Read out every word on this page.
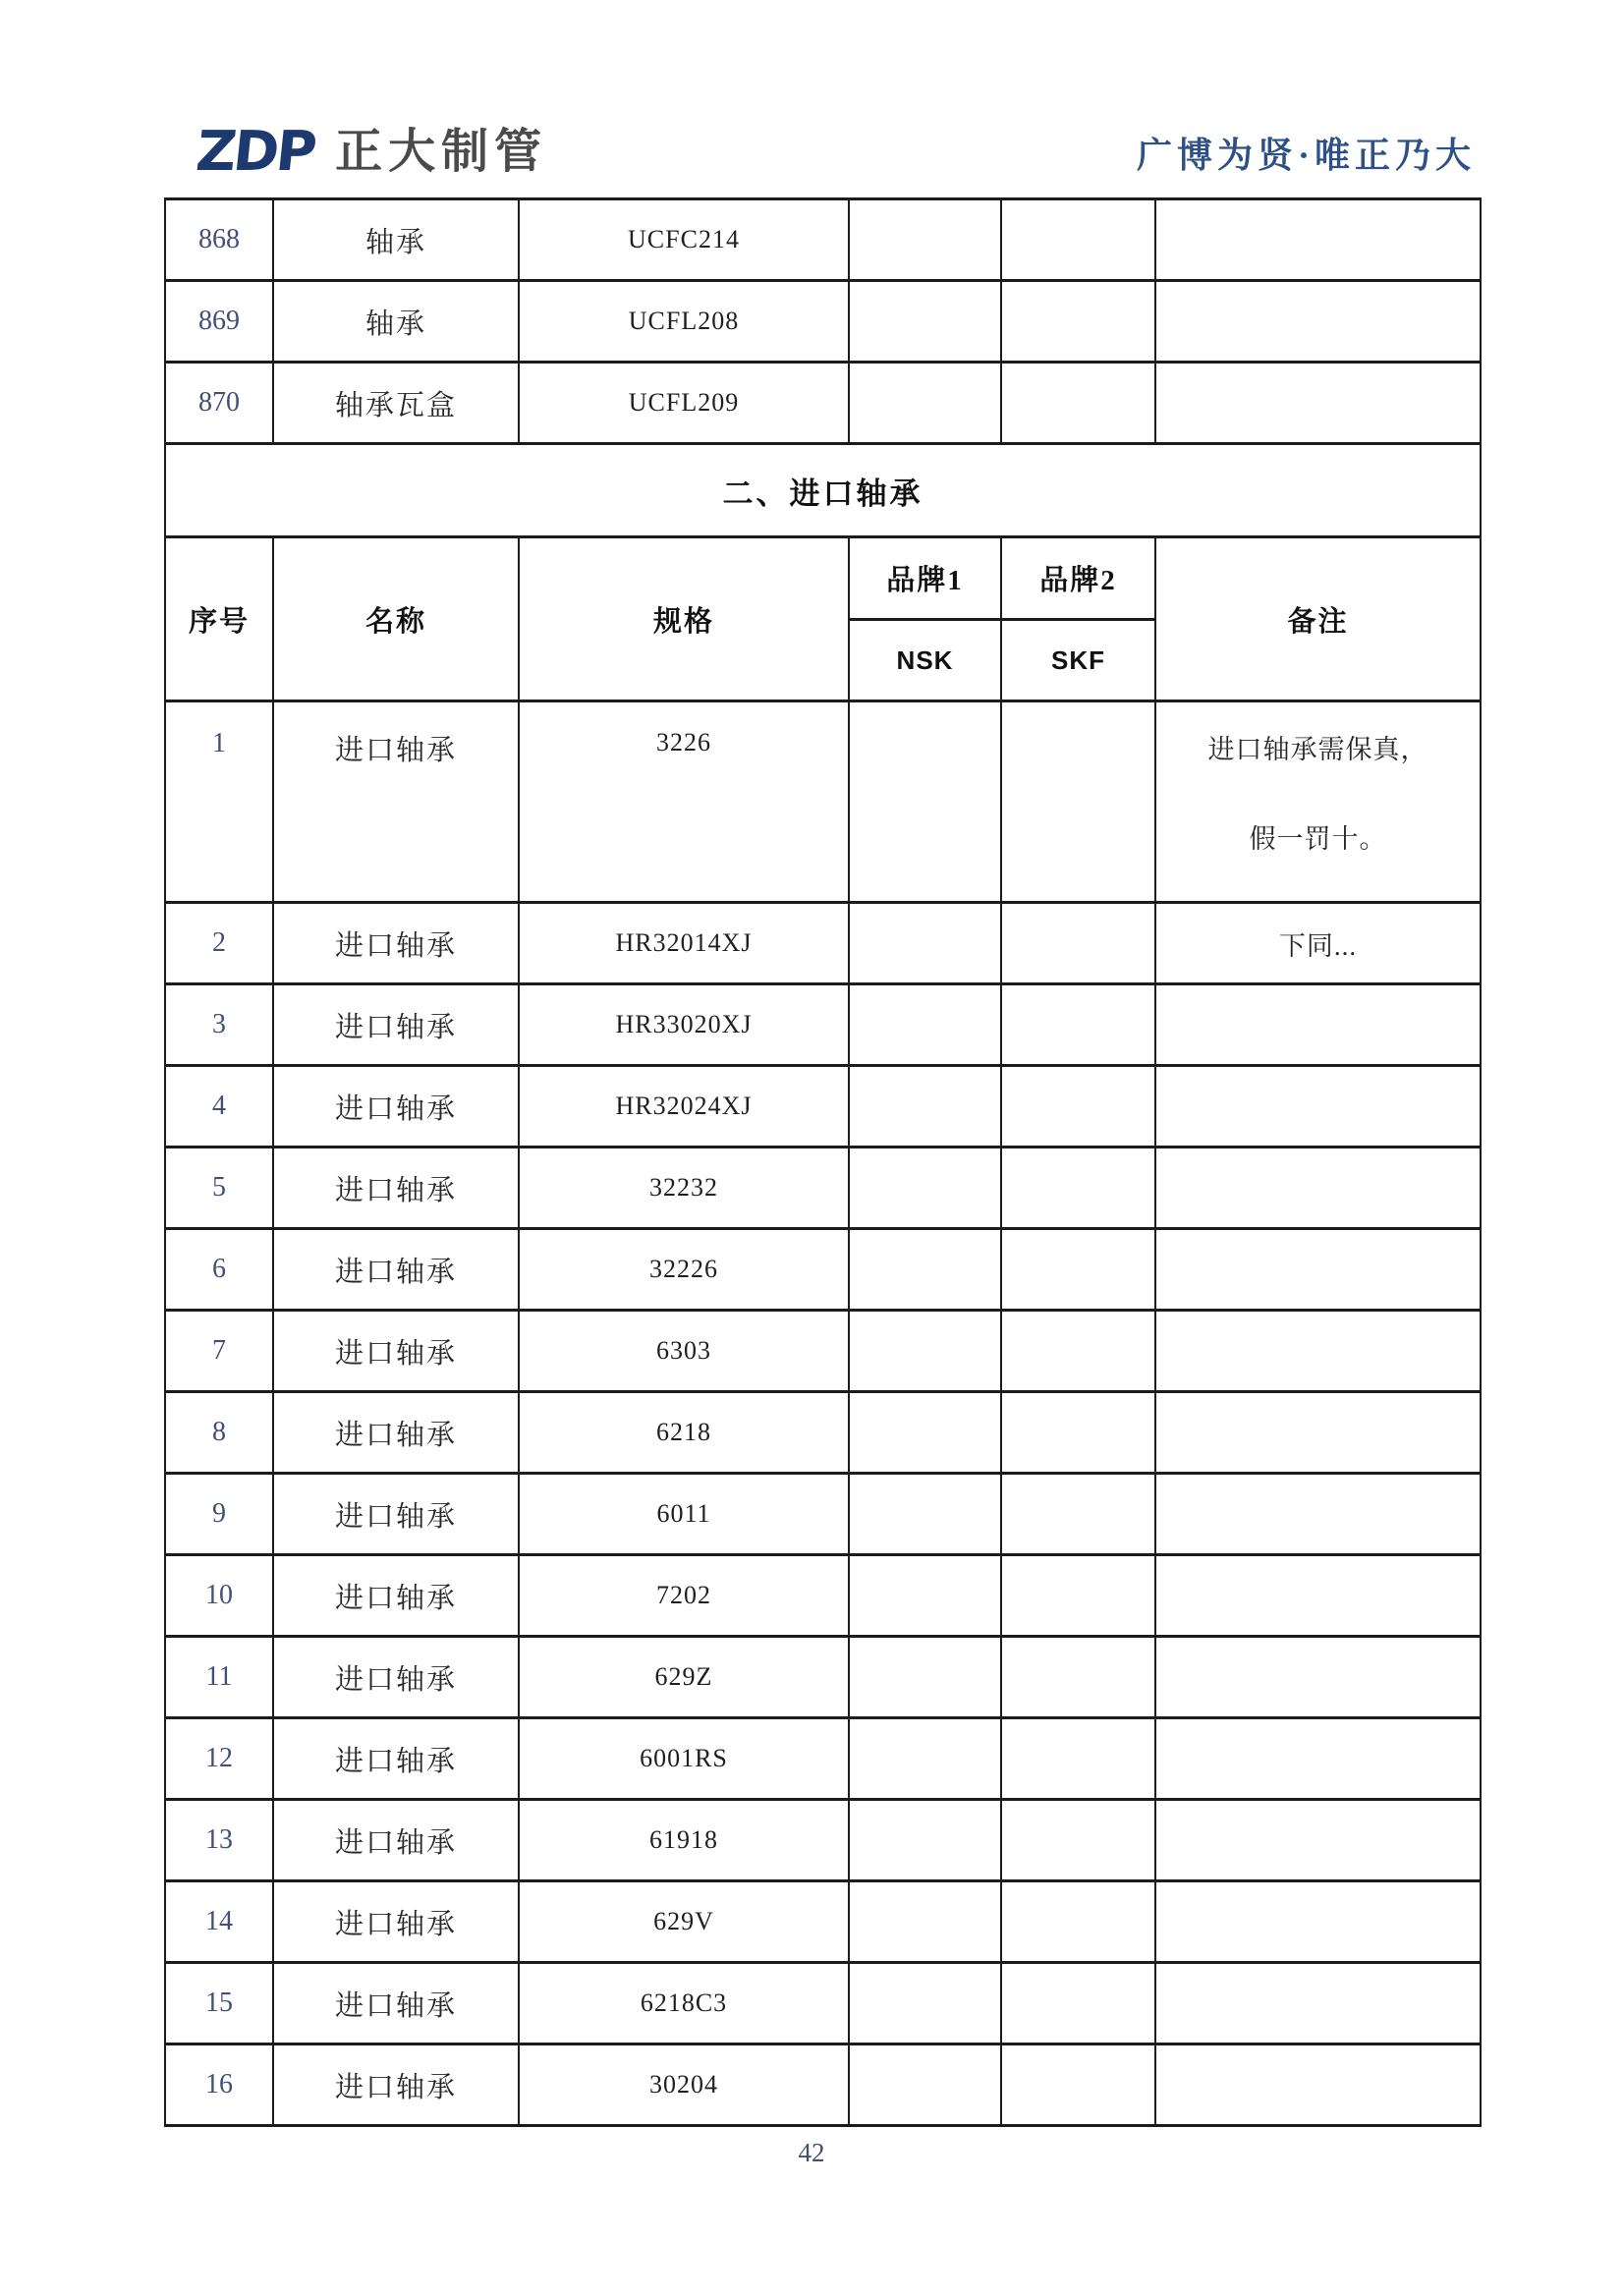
ZDP 正大制管	广博为贤·唯正乃大
868	轴承	UCFC214			
869	轴承	UCFL208			
870	轴承瓦盒	UCFL209			
二、进口轴承					
序号	名称	规格	品牌1	品牌2	备注
			NSK	SKF	

1	进口轴承	3226			进口轴承需保真，
假一罚十。

2	进口轴承	HR32014XJ			下同...
3	进口轴承	HR33020XJ			
4	进口轴承	HR32024XJ			
5	进口轴承	32232			
6	进口轴承	32226			
7	进口轴承	6303			
8	进口轴承	6218			
9	进口轴承	6011			
10	进口轴承	7202			
11	进口轴承	629Z			
12	进口轴承	6001RS			
13	进口轴承	61918			
14	进口轴承	629V			
15	进口轴承	6218C3			
16	进口轴承	30204			
42
